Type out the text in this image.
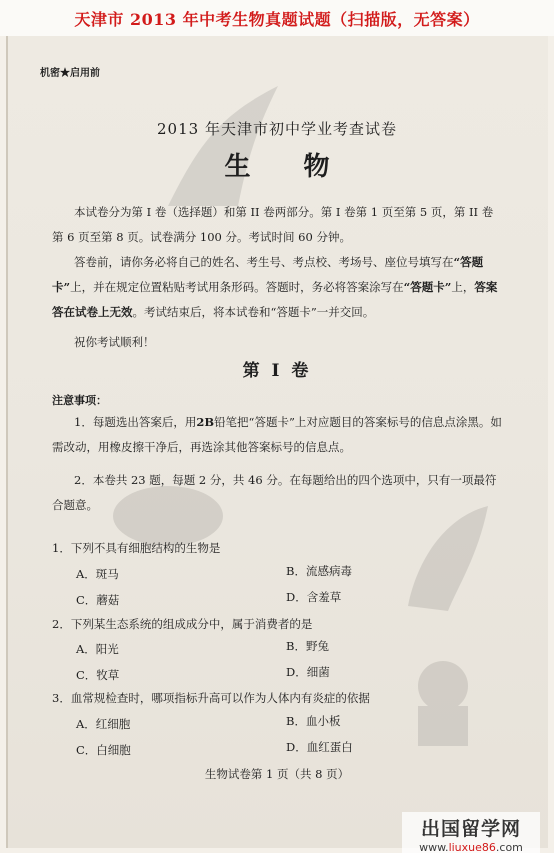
天津市 2013 年中考生物真题试题（扫描版，无答案）
机密★启用前
2013 年天津市初中学业考查试卷
生 物
本试卷分为第 I 卷（选择题）和第 II 卷两部分。第 I 卷第 1 页至第 5 页，第 II 卷第 6 页至第 8 页。试卷满分 100 分。考试时间 60 分钟。
答卷前，请你务必将自己的姓名、考生号、考点校、考场号、座位号填写在“答题卡”上，并在规定位置粘贴考试用条形码。答题时，务必将答案涂写在“答题卡”上，答案答在试卷上无效。考试结束后，将本试卷和“答题卡”一并交回。
祝你考试顺利！
第 I 卷
注意事项：
1．每题选出答案后，用2B铅笔把“答题卡”上对应题目的答案标号的信息点涂黑。如需改动，用橡皮擦干净后，再选涂其他答案标号的信息点。
2．本卷共 23 题，每题 2 分，共 46 分。在每题给出的四个选项中，只有一项最符合题意。
1．下列不具有细胞结构的生物是
A．斑马	B．流感病毒
C．蘑菇	D．含羞草
2．下列某生态系统的组成成分中，属于消费者的是
A．阳光	B．野兔
C．牧草	D．细菌
3．血常规检查时，哪项指标升高可以作为人体内有炎症的依据
A．红细胞	B．血小板
C．白细胞	D．血红蛋白
生物试卷第 1 页（共 8 页）
出国留学网
www.liuxue86.com
